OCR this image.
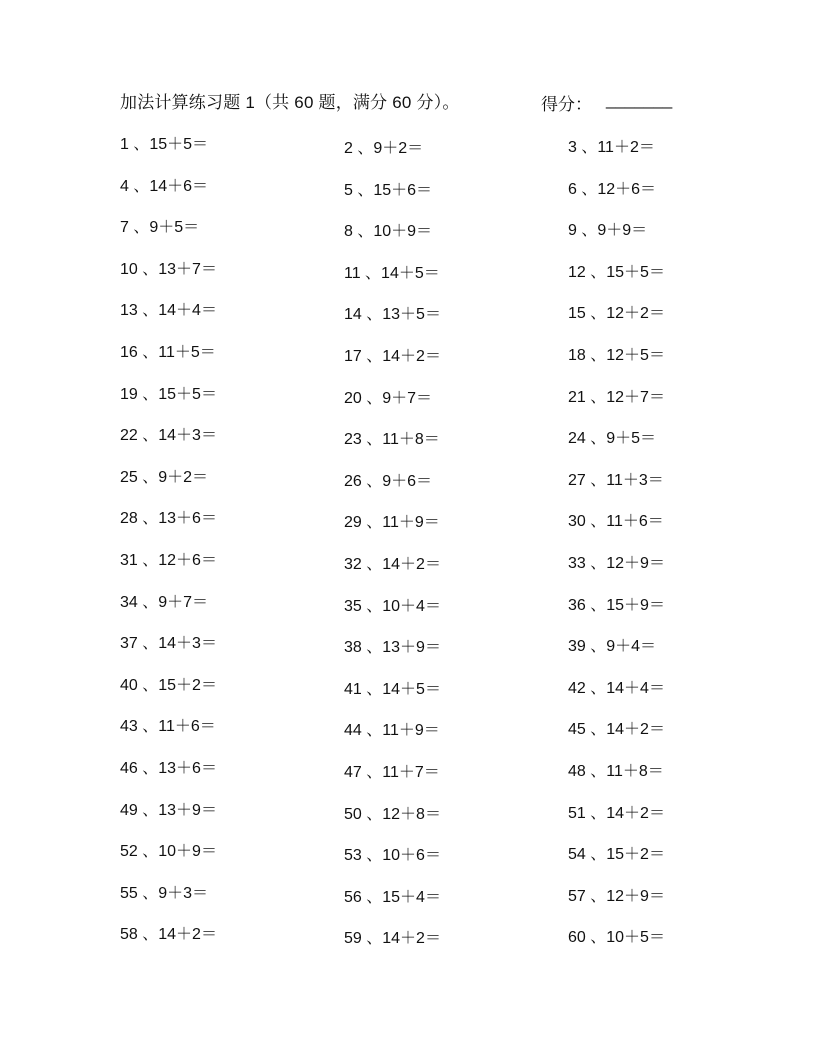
加法计算练习题 1（共 60 题，满分 60 分）。	得分： _______
1 、15＋5＝	2 、9＋2＝	3 、11＋2＝
4 、14＋6＝	5 、15＋6＝	6 、12＋6＝
7 、9＋5＝	8 、10＋9＝	9 、9＋9＝
10 、13＋7＝	11 、14＋5＝	12 、15＋5＝
13 、14＋4＝	14 、13＋5＝	15 、12＋2＝
16 、11＋5＝	17 、14＋2＝	18 、12＋5＝
19 、15＋5＝	20 、9＋7＝	21 、12＋7＝
22 、14＋3＝	23 、11＋8＝	24 、9＋5＝
25 、9＋2＝	26 、9＋6＝	27 、11＋3＝
28 、13＋6＝	29 、11＋9＝	30 、11＋6＝
31 、12＋6＝	32 、14＋2＝	33 、12＋9＝
34 、9＋7＝	35 、10＋4＝	36 、15＋9＝
37 、14＋3＝	38 、13＋9＝	39 、9＋4＝
40 、15＋2＝	41 、14＋5＝	42 、14＋4＝
43 、11＋6＝	44 、11＋9＝	45 、14＋2＝
46 、13＋6＝	47 、11＋7＝	48 、11＋8＝
49 、13＋9＝	50 、12＋8＝	51 、14＋2＝
52 、10＋9＝	53 、10＋6＝	54 、15＋2＝
55 、9＋3＝	56 、15＋4＝	57 、12＋9＝
58 、14＋2＝	59 、14＋2＝	60 、10＋5＝
